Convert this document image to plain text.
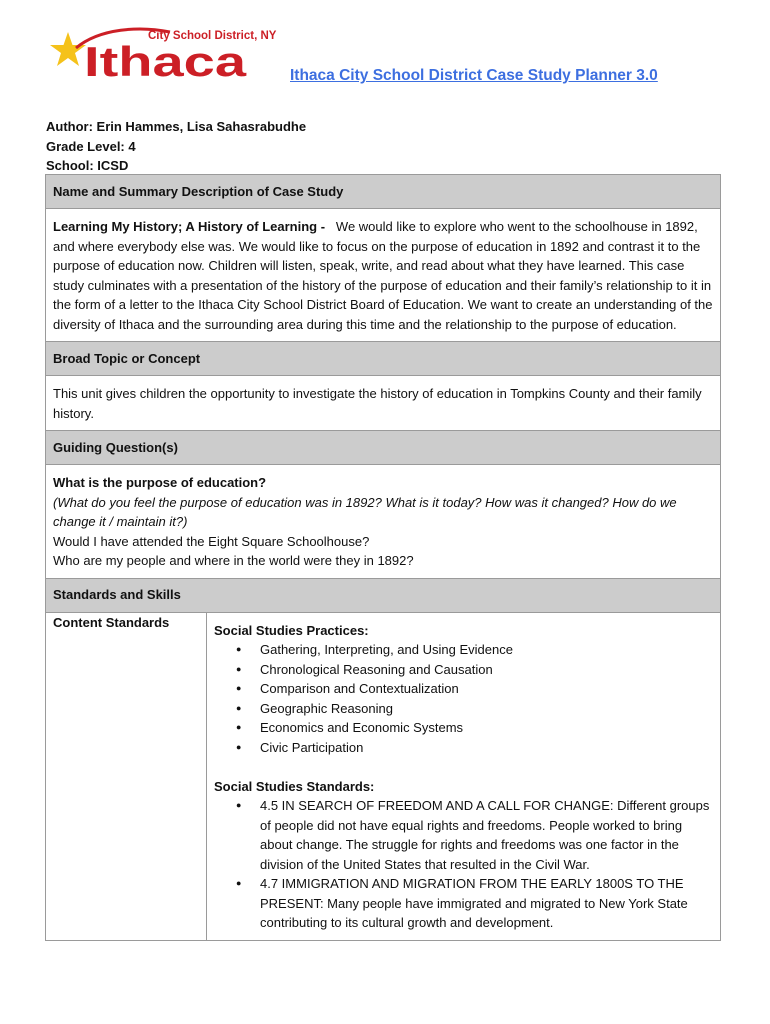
City School District, NY
Ithaca	Ithaca City School District Case Study Planner 3.0
Author: Erin Hammes, Lisa Sahasrabudhe
Grade Level: 4
School: ICSD
Name and Summary Description of Case Study
Learning My History; A History of Learning - We would like to explore who went to the schoolhouse in 1892, and where everybody else was. We would like to focus on the purpose of education in 1892 and contrast it to the purpose of education now. Children will listen, speak, write, and read about what they have learned. This case study culminates with a presentation of the history of the purpose of education and their family’s relationship to it in the form of a letter to the Ithaca City School District Board of Education. We want to create an understanding of the diversity of Ithaca and the surrounding area during this time and the relationship to the purpose of education.
Broad Topic or Concept
This unit gives children the opportunity to investigate the history of education in Tompkins County and their family history.
Guiding Question(s)

What is the purpose of education?
(What do you feel the purpose of education was in 1892? What is it today? How was it changed? How do we change it / maintain it?)
Would I have attended the Eight Square Schoolhouse?
Who are my people and where in the world were they in 1892?

Standards and Skills
Content Standards	
Social Studies Practices:
● Gathering, Interpreting, and Using Evidence
● Chronological Reasoning and Causation
● Comparison and Contextualization
● Geographic Reasoning
● Economics and Economic Systems
● Civic Participation
Social Studies Standards:
● 4.5 IN SEARCH OF FREEDOM AND A CALL FOR CHANGE: Different groups of people did not have equal rights and freedoms. People worked to bring about change. The struggle for rights and freedoms was one factor in the division of the United States that resulted in the Civil War.
● 4.7 IMMIGRATION AND MIGRATION FROM THE EARLY 1800S TO THE PRESENT: Many people have immigrated and migrated to New York State contributing to its cultural growth and development.
